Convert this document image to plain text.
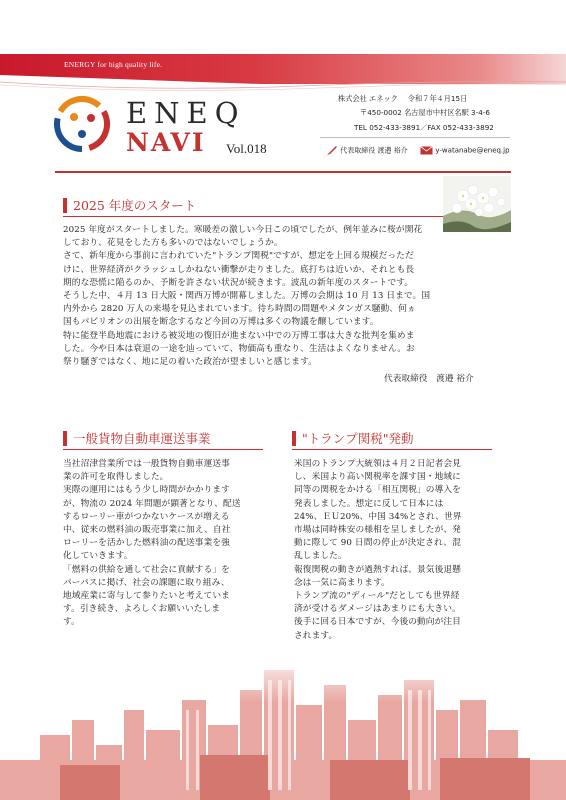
ENERGY for high quality life.
ENEQ
NAVI Vol.018
株式会社 エネック 令和７年４月15日
〒450-0002 名古屋市中村区名駅 3-4-6
TEL 052-433-3891／FAX 052-433-3892
代表取締役 渡邉 裕介	y-watanabe@eneq.jp
2025 年度のスタート
2025 年度がスタートしました。寒暖差の激しい今日この頃でしたが、例年並みに桜が開花
しており、花見をした方も多いのではないでしょうか。
さて、新年度から事前に言われていた"トランプ関税"ですが、想定を上回る規模だっただ
けに、世界経済がクラッシュしかねない衝撃が走りました。底打ちは近いか、それとも長
期的な恐慌に陥るのか、予断を許さない状況が続きます。波乱の新年度のスタートです。
そうした中、４月 13 日大阪・関西万博が開幕しました。万博の会期は 10 月 13 日まで。国
内外から 2820 万人の来場を見込まれています。待ち時間の問題やメタンガス騒動、何ヵ
国もパビリオンの出展を断念するなど今回の万博は多くの物議を醸しています。
特に能登半島地震における被災地の復旧が進まない中での万博工事は大きな批判を集めま
した。今や日本は衰退の一途を辿っていて、物価高も重なり、生活はよくなりません。お
祭り騒ぎではなく、地に足の着いた政治が望ましいと感じます。
代表取締役　渡邉 裕介
一般貨物自動車運送事業
当社沼津営業所では一般貨物自動車運送事
業の許可を取得しました。
実際の運用にはもう少し時間がかかります
が、物流の 2024 年問題が顕著となり、配送
するローリー車がつかないケースが増える
中、従来の燃料油の販売事業に加え、自社
ローリーを活かした燃料油の配送事業を強
化していきます。
「燃料の供給を通して社会に貢献する」を
パーパスに掲げ、社会の課題に取り組み、
地域産業に寄与して参りたいと考えていま
す。引き続き、よろしくお願いいたしま
す。
"トランプ関税"発動
米国のトランプ大統領は４月２日記者会見
し、米国より高い関税率を課す国・地域に
同等の関税をかける「相互関税」の導入を
発表しました。想定に反して日本には
24%、ＥＵ20%、中国 34%とされ、世界
市場は同時株安の様相を呈しましたが、発
動に際して 90 日間の停止が決定され、混
乱しました。
報復関税の動きが過熱すれば、景気後退懸
念は一気に高まります。
トランプ流の"ディール"だとしても世界経
済が受けるダメージはあまりにも大きい。
後手に回る日本ですが、今後の動向が注目
されます。
